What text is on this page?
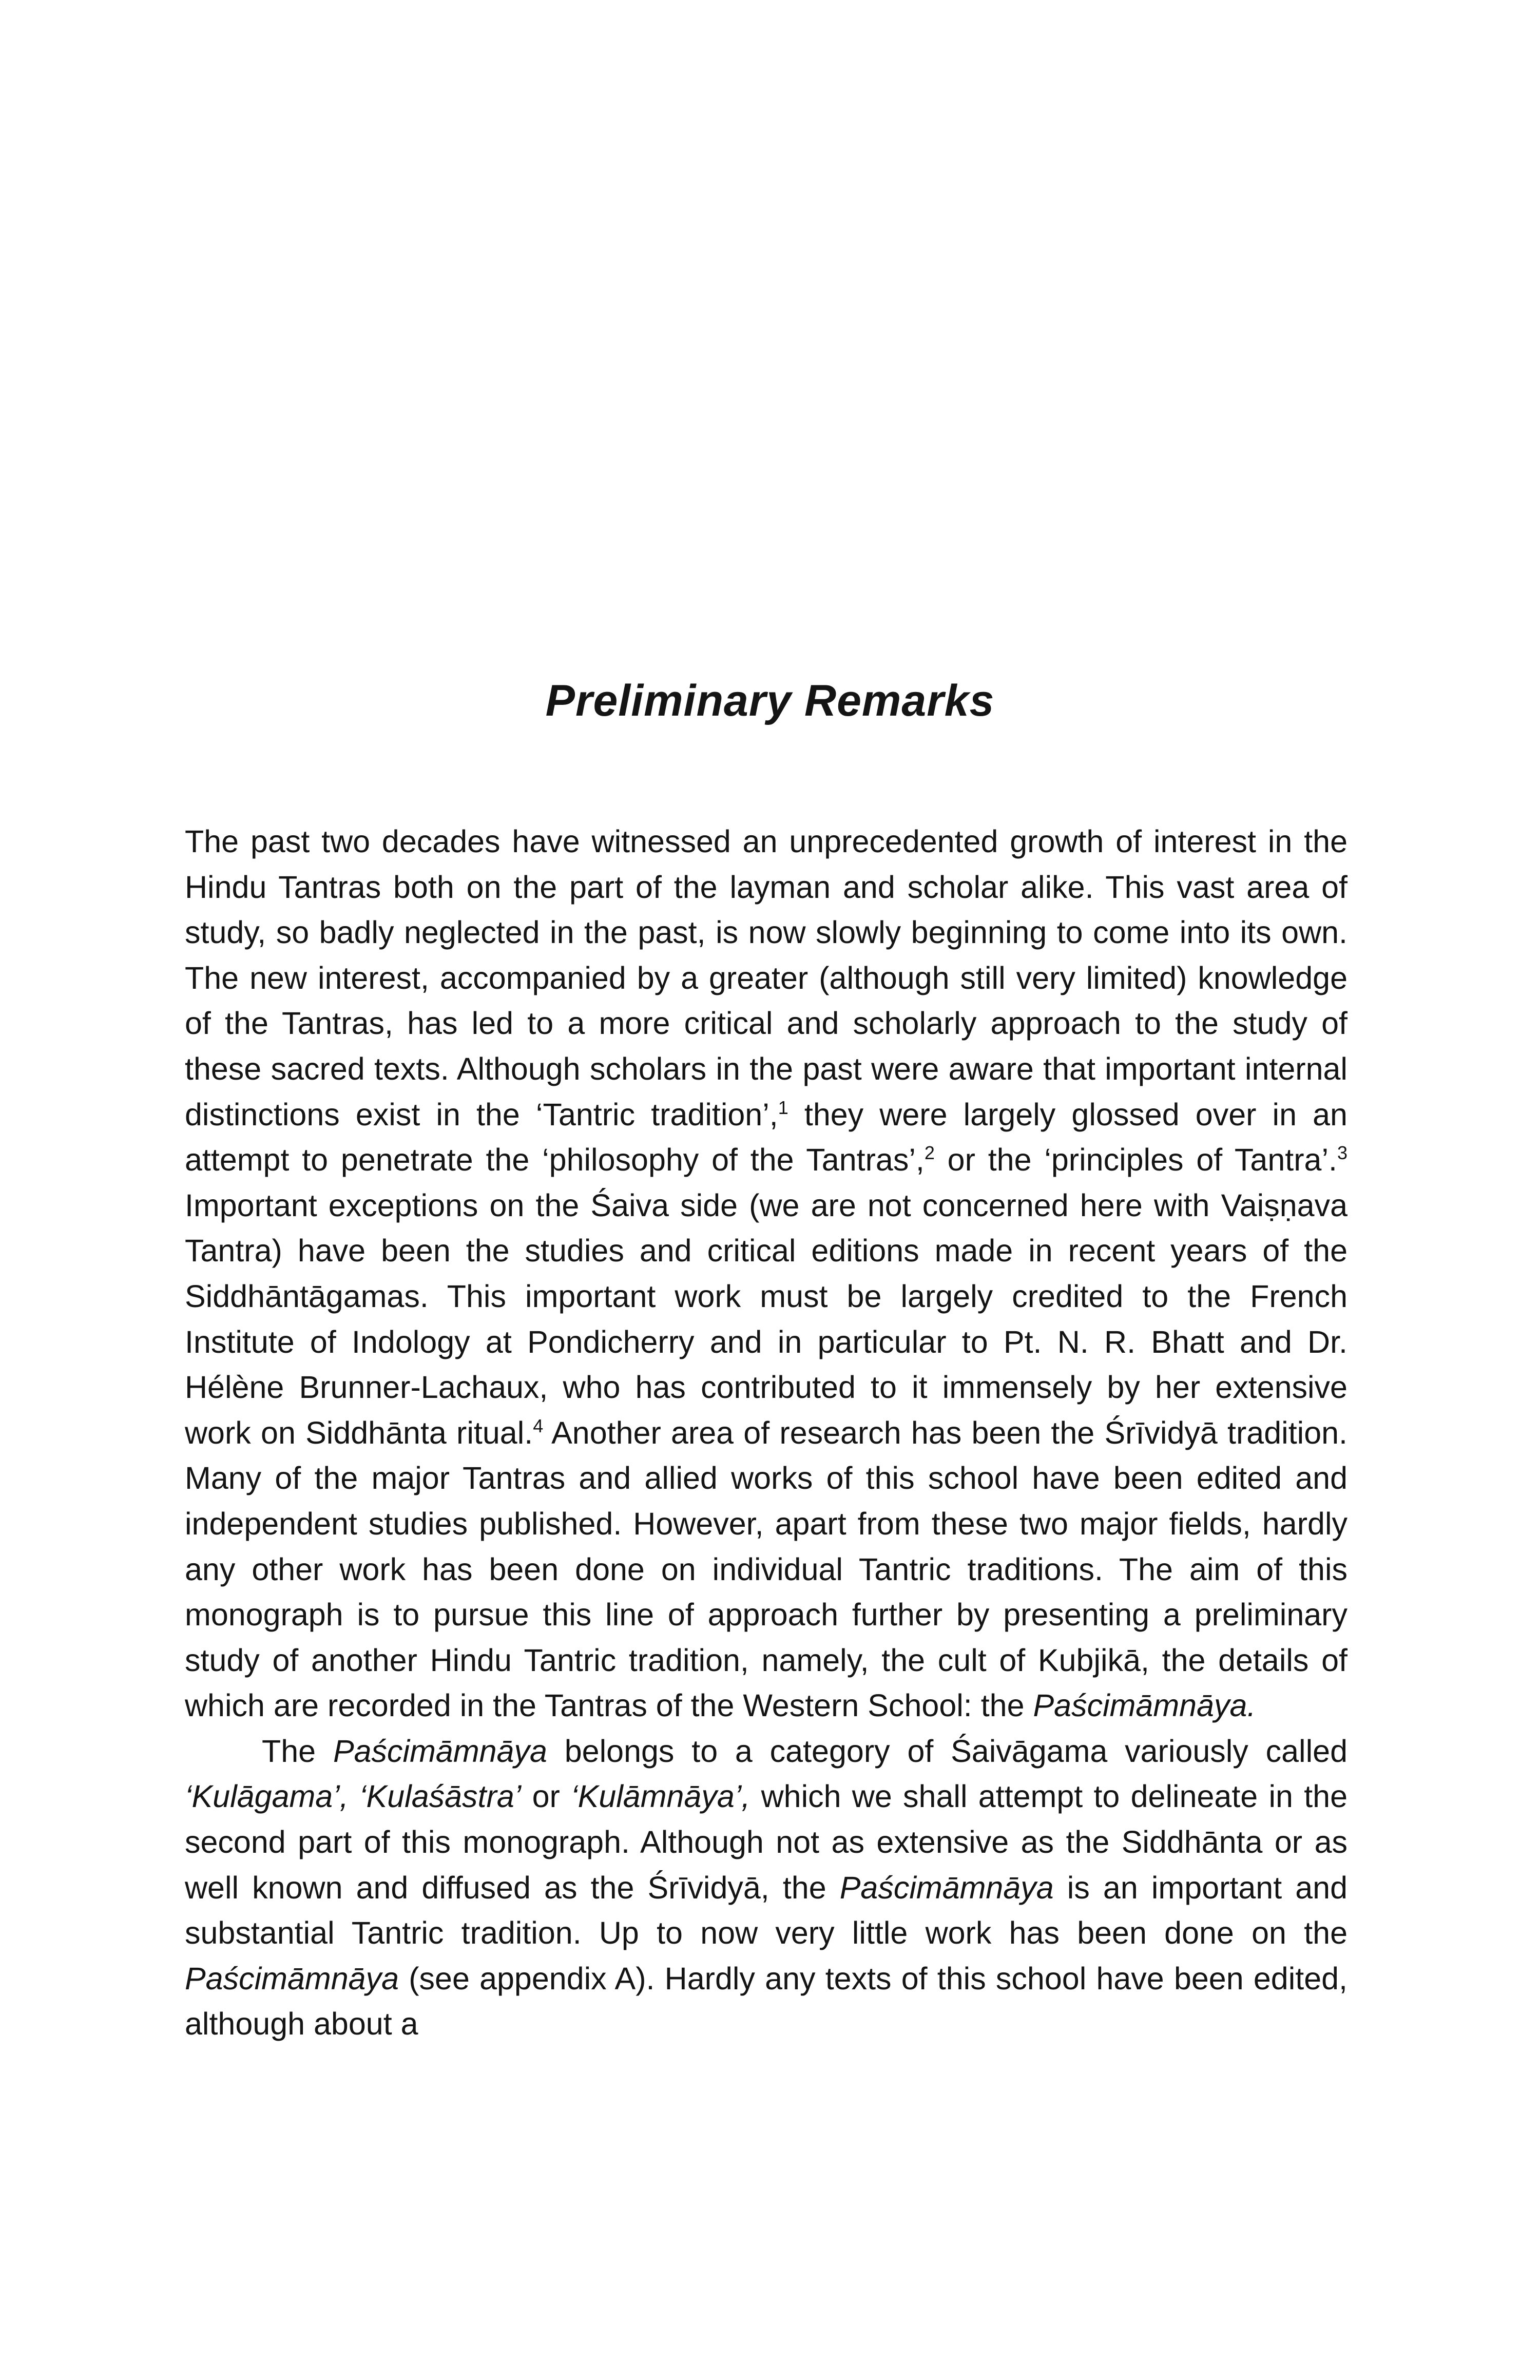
Preliminary Remarks

The past two decades have witnessed an unprecedented growth of interest in the Hindu Tantras both on the part of the layman and scholar alike. This vast area of study, so badly neglected in the past, is now slowly beginning to come into its own. The new interest, accompanied by a greater (although still very limited) knowledge of the Tantras, has led to a more critical and scholarly approach to the study of these sacred texts. Although scholars in the past were aware that important internal distinctions exist in the ‘Tantric tradition’,$^1$ they were largely glossed over in an attempt to penetrate the ‘philosophy of the Tantras’,$^2$ or the ‘principles of Tantra’.$^3$ Important exceptions on the Śaiva side (we are not concerned here with Vaiṣṇava Tantra) have been the studies and critical editions made in recent years of the Siddhāntāgamas. This important work must be largely credited to the French Institute of Indology at Pondicherry and in particular to Pt. N. R. Bhatt and Dr. Hélène Brunner-Lachaux, who has contributed to it immensely by her extensive work on Siddhānta ritual.$^4$ Another area of research has been the Śrīvidyā tradition. Many of the major Tantras and allied works of this school have been edited and independent studies published. However, apart from these two major fields, hardly any other work has been done on individual Tantric traditions. The aim of this monograph is to pursue this line of approach further by presenting a preliminary study of another Hindu Tantric tradition, namely, the cult of Kubjikā, the details of which are recorded in the Tantras of the Western School: the Paścimāmnāya.

The Paścimāmnāya belongs to a category of Śaivāgama variously called ‘Kulāgama’, ‘Kulaśāstra’ or ‘Kulāmnāya’, which we shall attempt to delineate in the second part of this monograph. Although not as extensive as the Siddhānta or as well known and diffused as the Śrīvidyā, the Paścimāmnāya is an important and substantial Tantric tradition. Up to now very little work has been done on the Paścimāmnāya (see appendix A). Hardly any texts of this school have been edited, although about a
